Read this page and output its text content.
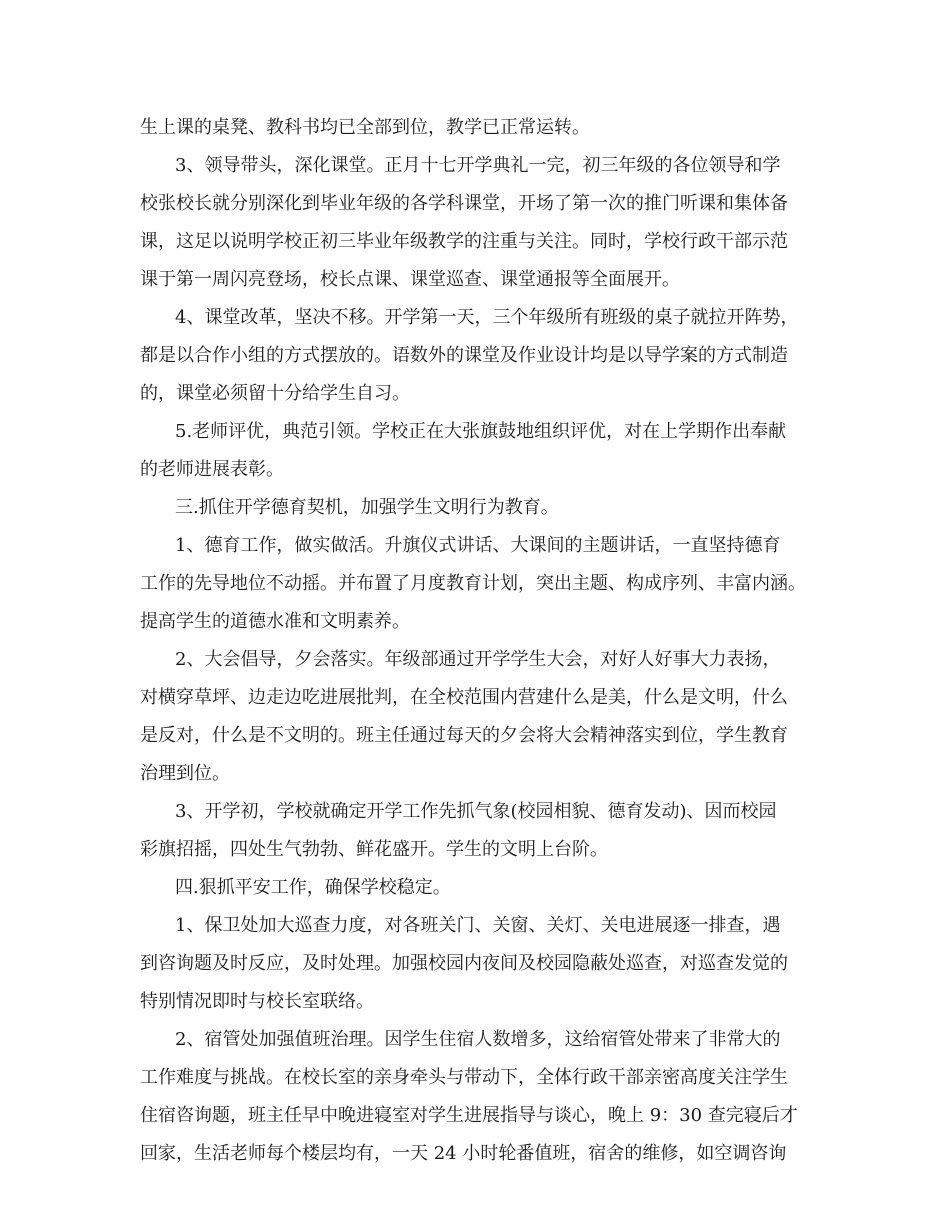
生上课的桌凳、教科书均已全部到位，教学已正常运转。
3、领导带头，深化课堂。正月十七开学典礼一完，初三年级的各位领导和学
校张校长就分别深化到毕业年级的各学科课堂，开场了第一次的推门听课和集体备
课，这足以说明学校正初三毕业年级教学的注重与关注。同时，学校行政干部示范
课于第一周闪亮登场，校长点课、课堂巡查、课堂通报等全面展开。
4、课堂改革，坚决不移。开学第一天，三个年级所有班级的桌子就拉开阵势，
都是以合作小组的方式摆放的。语数外的课堂及作业设计均是以导学案的方式制造
的，课堂必须留十分给学生自习。
5.老师评优，典范引领。学校正在大张旗鼓地组织评优，对在上学期作出奉献
的老师进展表彰。
三.抓住开学德育契机，加强学生文明行为教育。
1、德育工作，做实做活。升旗仪式讲话、大课间的主题讲话，一直坚持德育
工作的先导地位不动摇。并布置了月度教育计划，突出主题、构成序列、丰富内涵。
提高学生的道德水准和文明素养。
2、大会倡导，夕会落实。年级部通过开学学生大会，对好人好事大力表扬，
对横穿草坪、边走边吃进展批判，在全校范围内营建什么是美，什么是文明，什么
是反对，什么是不文明的。班主任通过每天的夕会将大会精神落实到位，学生教育
治理到位。
3、开学初，学校就确定开学工作先抓气象(校园相貌、德育发动)、因而校园
彩旗招摇，四处生气勃勃、鲜花盛开。学生的文明上台阶。
四.狠抓平安工作，确保学校稳定。
1、保卫处加大巡查力度，对各班关门、关窗、关灯、关电进展逐一排查，遇
到咨询题及时反应，及时处理。加强校园内夜间及校园隐蔽处巡查，对巡查发觉的
特别情况即时与校长室联络。
2、宿管处加强值班治理。因学生住宿人数增多，这给宿管处带来了非常大的
工作难度与挑战。在校长室的亲身牵头与带动下，全体行政干部亲密高度关注学生
住宿咨询题，班主任早中晚进寝室对学生进展指导与谈心，晚上 9：30 查完寝后才
回家，生活老师每个楼层均有，一天 24 小时轮番值班，宿舍的维修，如空调咨询
